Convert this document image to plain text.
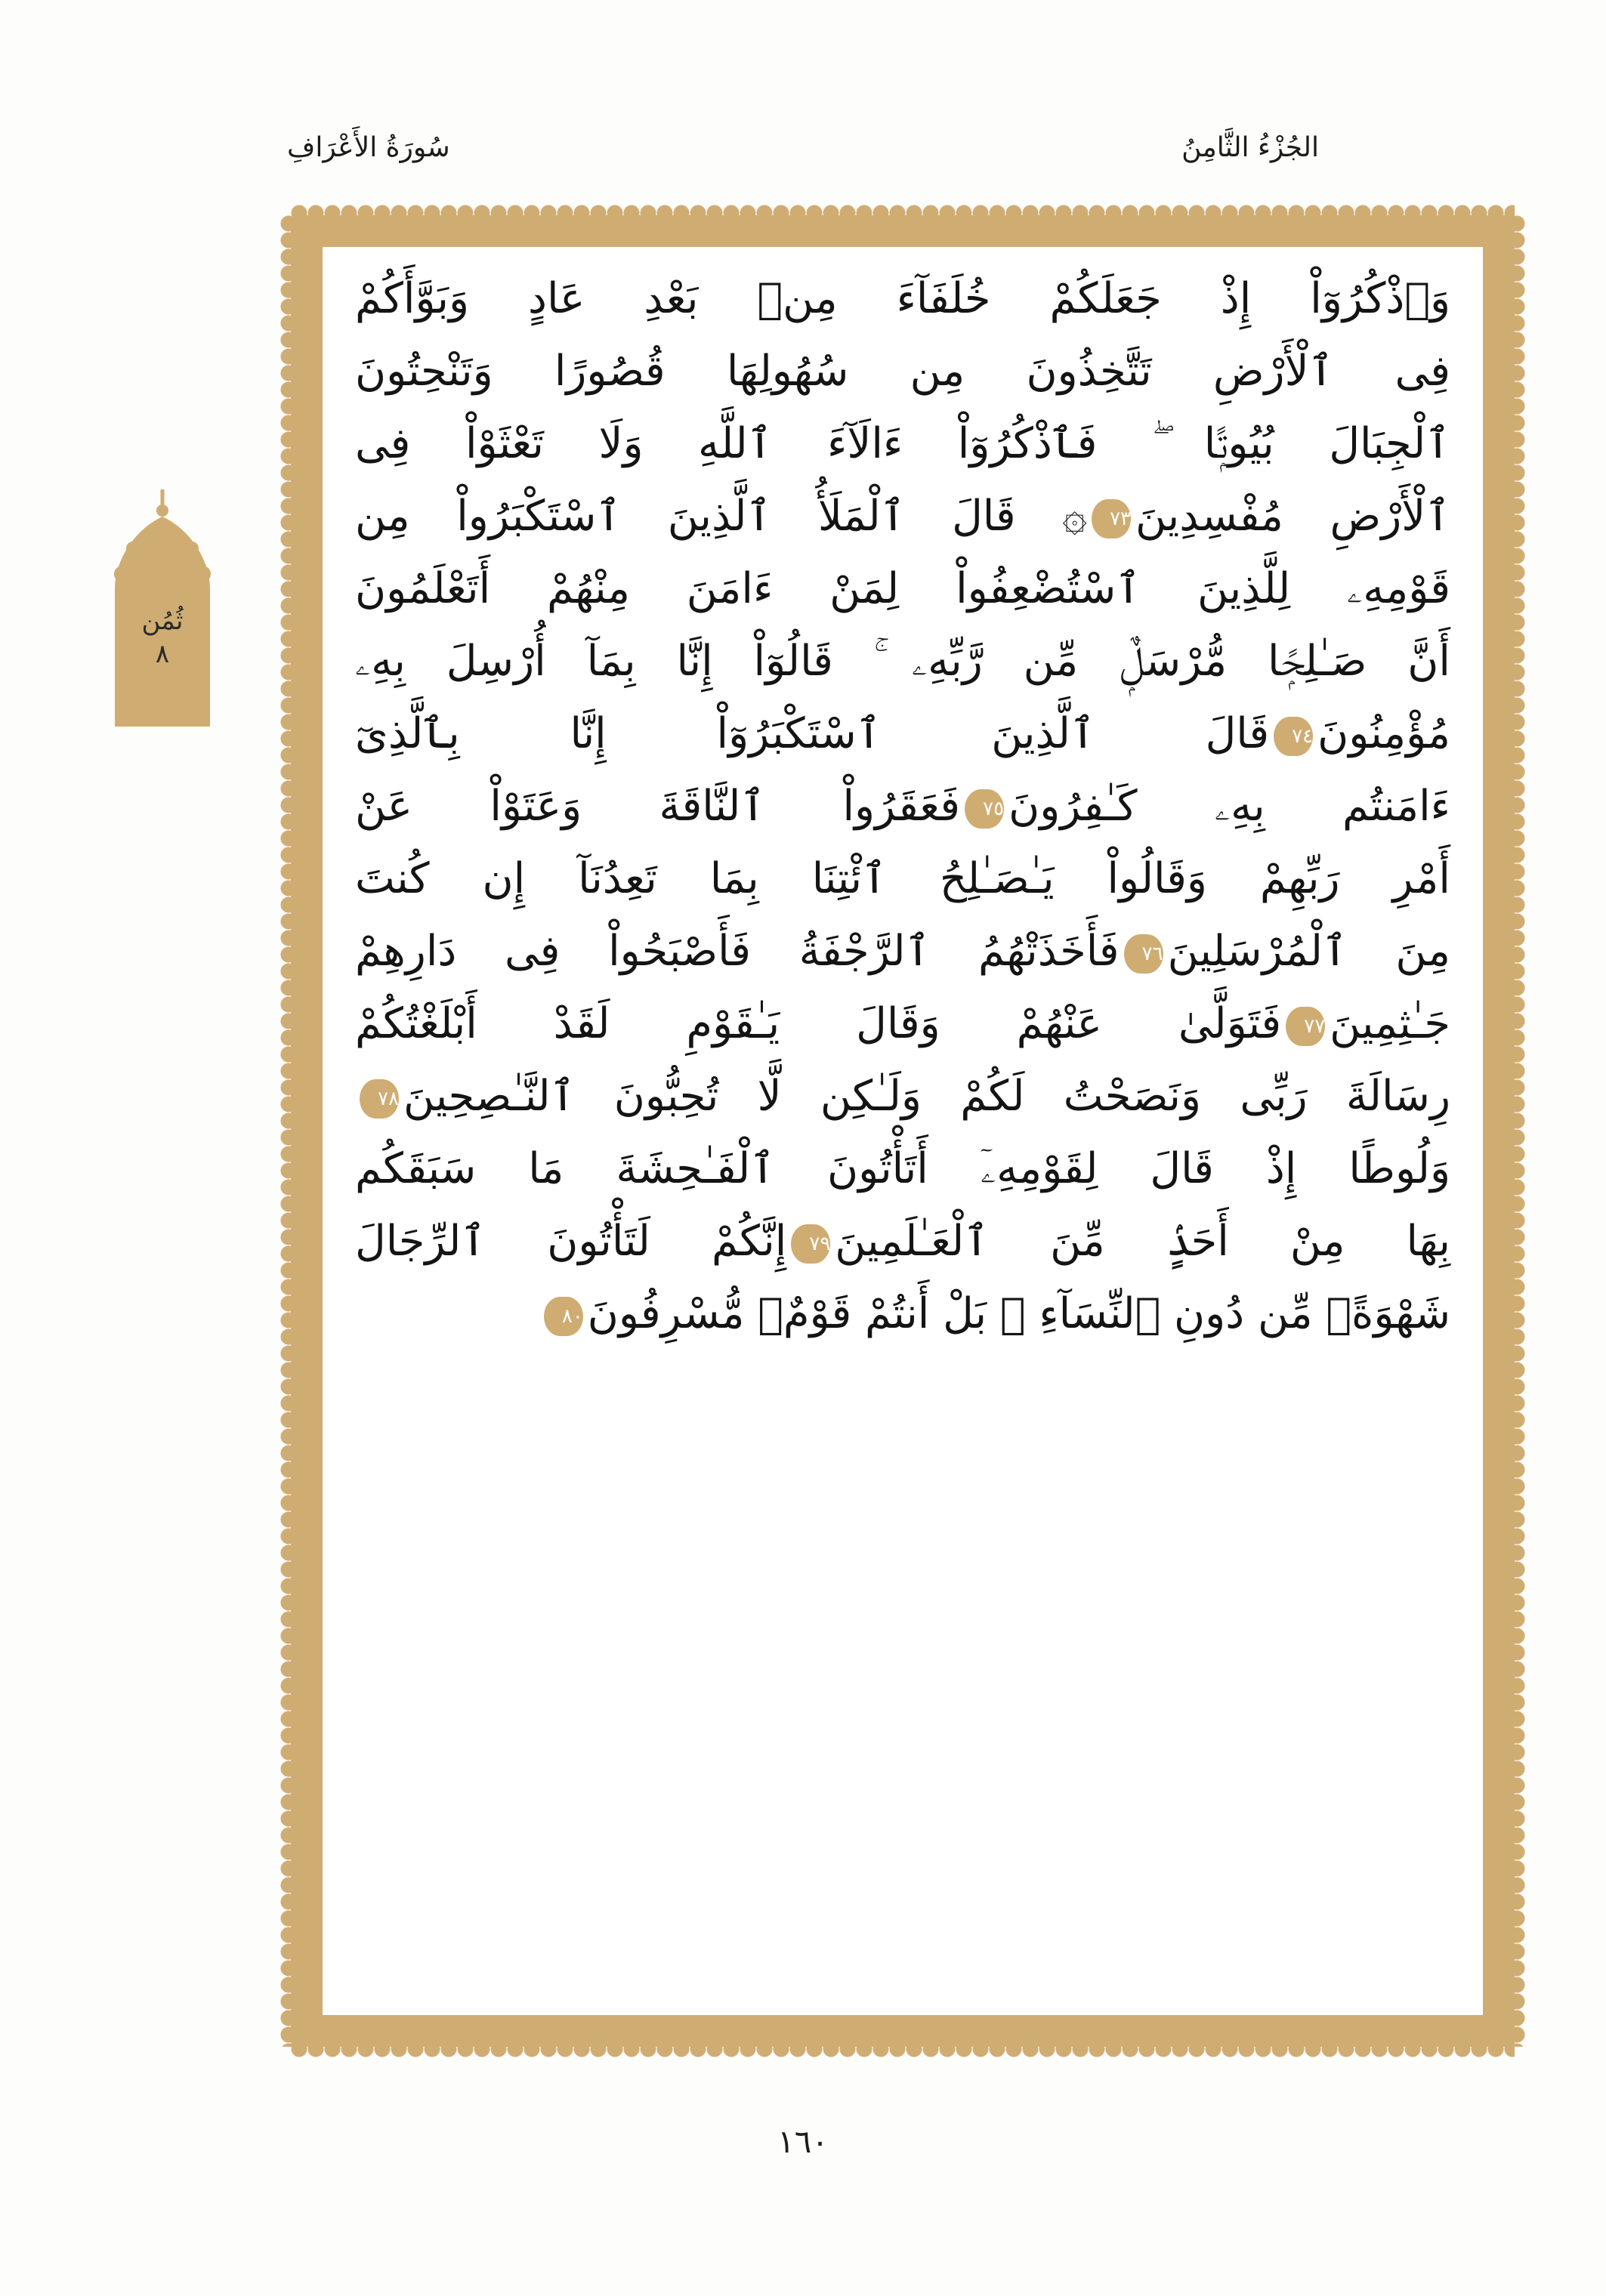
الجُزْءُ الثَّامِنُ
سُورَةُ الأَعْرَافِ
ثُمُن
٨
وَٱذْكُرُوٓاْ إِذْ جَعَلَكُمْ خُلَفَآءَ مِنۢ بَعْدِ عَادٍ وَبَوَّأَكُمْ
فِى ٱلْأَرْضِ تَتَّخِذُونَ مِن سُهُولِهَا قُصُورًا وَتَنْحِتُونَ
ٱلْجِبَالَ بُيُوتًۭا ۖ فَٱذْكُرُوٓاْ ءَالَآءَ ٱللَّهِ وَلَا تَعْثَوْاْ فِى
ٱلْأَرْضِ مُفْسِدِينَ٧٣۞ قَالَ ٱلْمَلَأُ ٱلَّذِينَ ٱسْتَكْبَرُواْ مِن
قَوْمِهِۦ لِلَّذِينَ ٱسْتُضْعِفُواْ لِمَنْ ءَامَنَ مِنْهُمْ أَتَعْلَمُونَ
أَنَّ صَـٰلِحًۭا مُّرْسَلٌۭ مِّن رَّبِّهِۦ ۚ قَالُوٓاْ إِنَّا بِمَآ أُرْسِلَ بِهِۦ
مُؤْمِنُونَ٧٤قَالَ ٱلَّذِينَ ٱسْتَكْبَرُوٓاْ إِنَّا بِٱلَّذِىٓ
ءَامَنتُم بِهِۦ كَـٰفِرُونَ٧٥فَعَقَرُواْ ٱلنَّاقَةَ وَعَتَوْاْ عَنْ
أَمْرِ رَبِّهِمْ وَقَالُواْ يَـٰصَـٰلِحُ ٱئْتِنَا بِمَا تَعِدُنَآ إِن كُنتَ
مِنَ ٱلْمُرْسَلِينَ٧٦فَأَخَذَتْهُمُ ٱلرَّجْفَةُ فَأَصْبَحُواْ فِى دَارِهِمْ
جَـٰثِمِينَ٧٧فَتَوَلَّىٰ عَنْهُمْ وَقَالَ يَـٰقَوْمِ لَقَدْ أَبْلَغْتُكُمْ
رِسَالَةَ رَبِّى وَنَصَحْتُ لَكُمْ وَلَـٰكِن لَّا تُحِبُّونَ ٱلنَّـٰصِحِينَ٧٨
وَلُوطًا إِذْ قَالَ لِقَوْمِهِۦٓ أَتَأْتُونَ ٱلْفَـٰحِشَةَ مَا سَبَقَكُم
بِهَا مِنْ أَحَدٍۢ مِّنَ ٱلْعَـٰلَمِينَ٧٩إِنَّكُمْ لَتَأْتُونَ ٱلرِّجَالَ
شَهْوَةًۭ مِّن دُونِ ٱلنِّسَآءِ ۚ بَلْ أَنتُمْ قَوْمٌۭ مُّسْرِفُونَ٨٠
١٦٠
